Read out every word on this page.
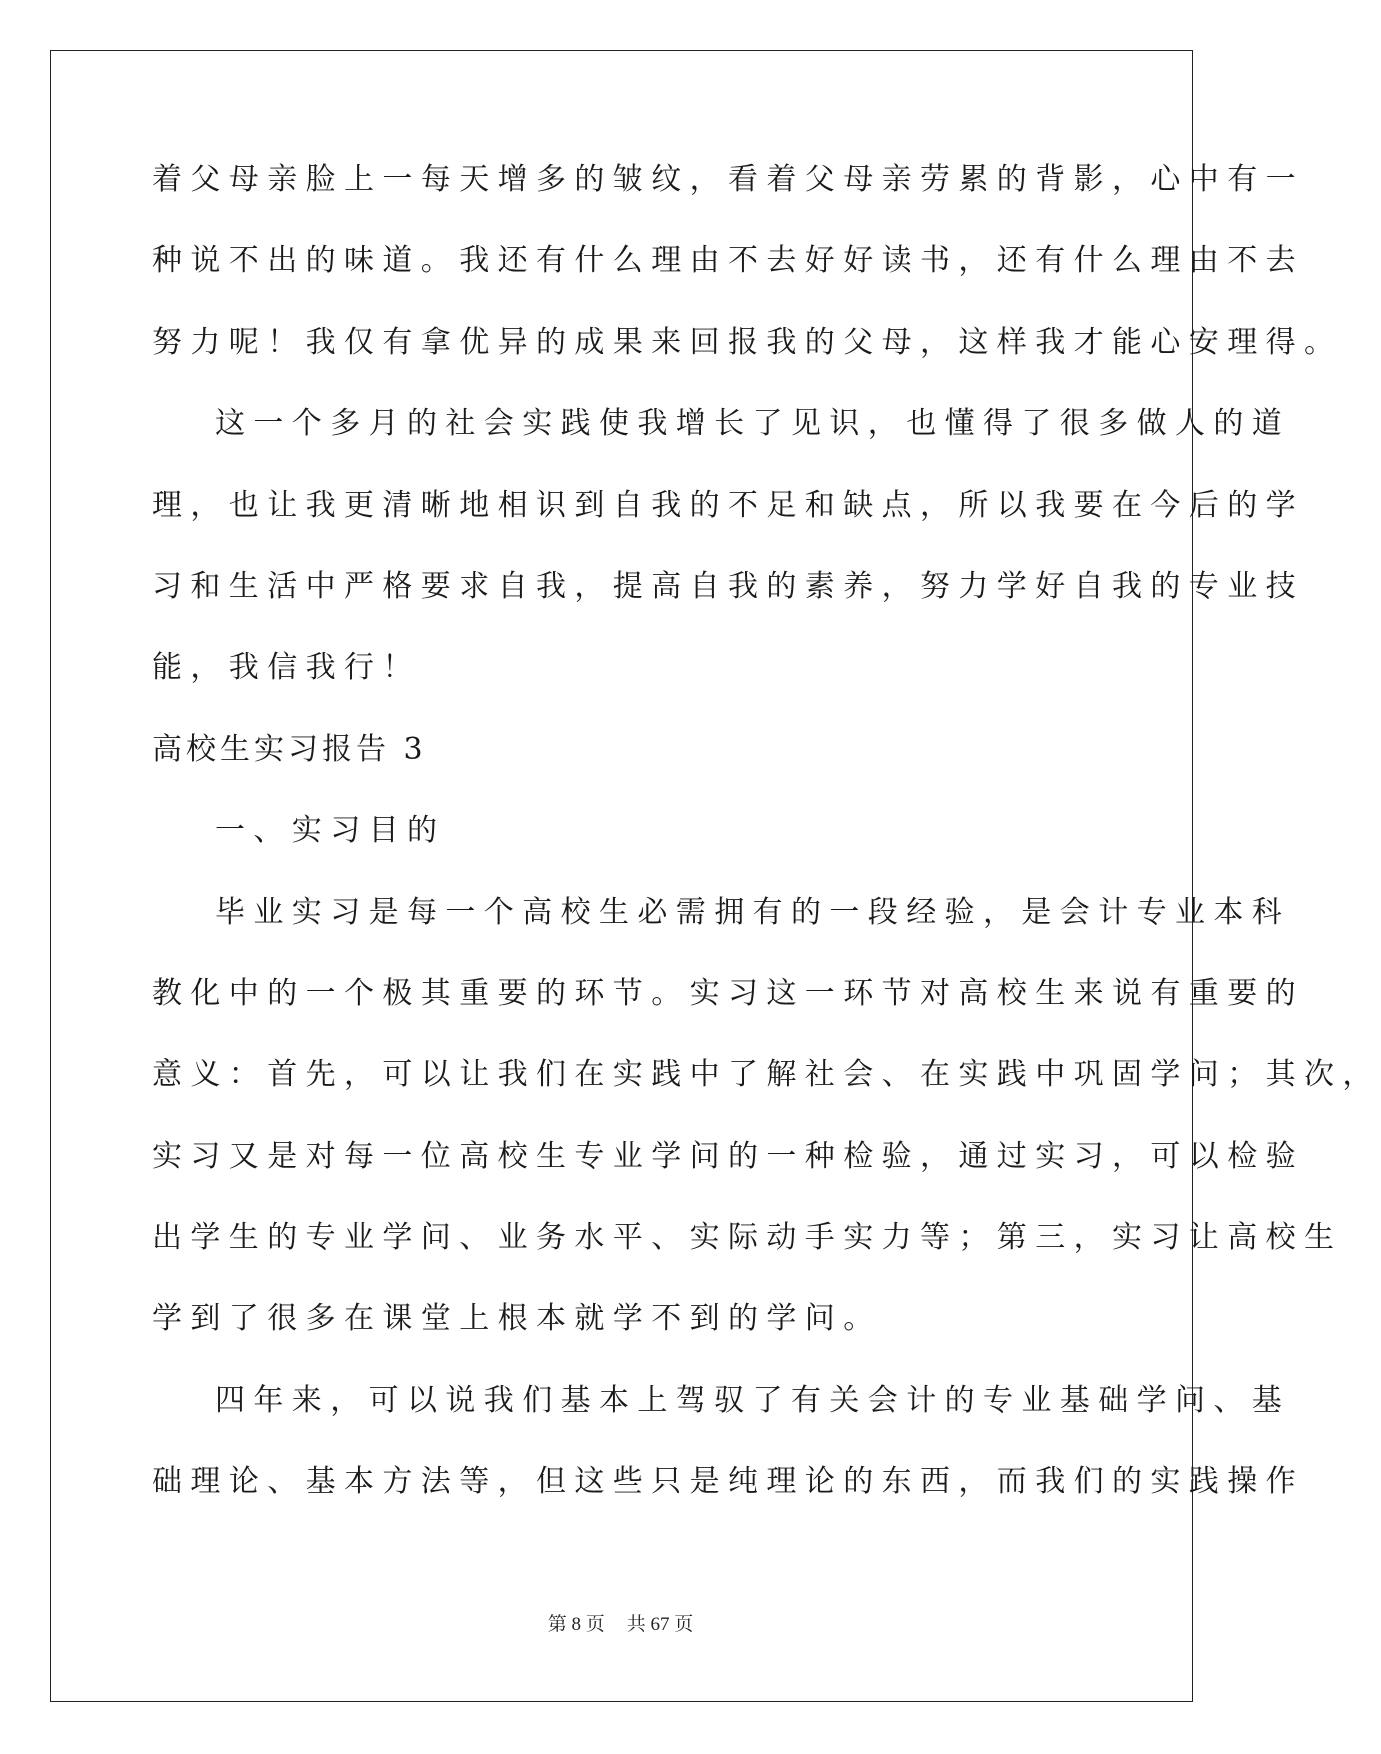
着父母亲脸上一每天增多的皱纹，看着父母亲劳累的背影，心中有一
种说不出的味道。我还有什么理由不去好好读书，还有什么理由不去
努力呢！我仅有拿优异的成果来回报我的父母，这样我才能心安理得。
这一个多月的社会实践使我增长了见识，也懂得了很多做人的道
理，也让我更清晰地相识到自我的不足和缺点，所以我要在今后的学
习和生活中严格要求自我，提高自我的素养，努力学好自我的专业技
能，我信我行！
高校生实习报告 3
一、实习目的
毕业实习是每一个高校生必需拥有的一段经验，是会计专业本科
教化中的一个极其重要的环节。实习这一环节对高校生来说有重要的
意义：首先，可以让我们在实践中了解社会、在实践中巩固学问；其次，
实习又是对每一位高校生专业学问的一种检验，通过实习，可以检验
出学生的专业学问、业务水平、实际动手实力等；第三，实习让高校生
学到了很多在课堂上根本就学不到的学问。
四年来，可以说我们基本上驾驭了有关会计的专业基础学问、基
础理论、基本方法等，但这些只是纯理论的东西，而我们的实践操作
第 8 页 共 67 页
